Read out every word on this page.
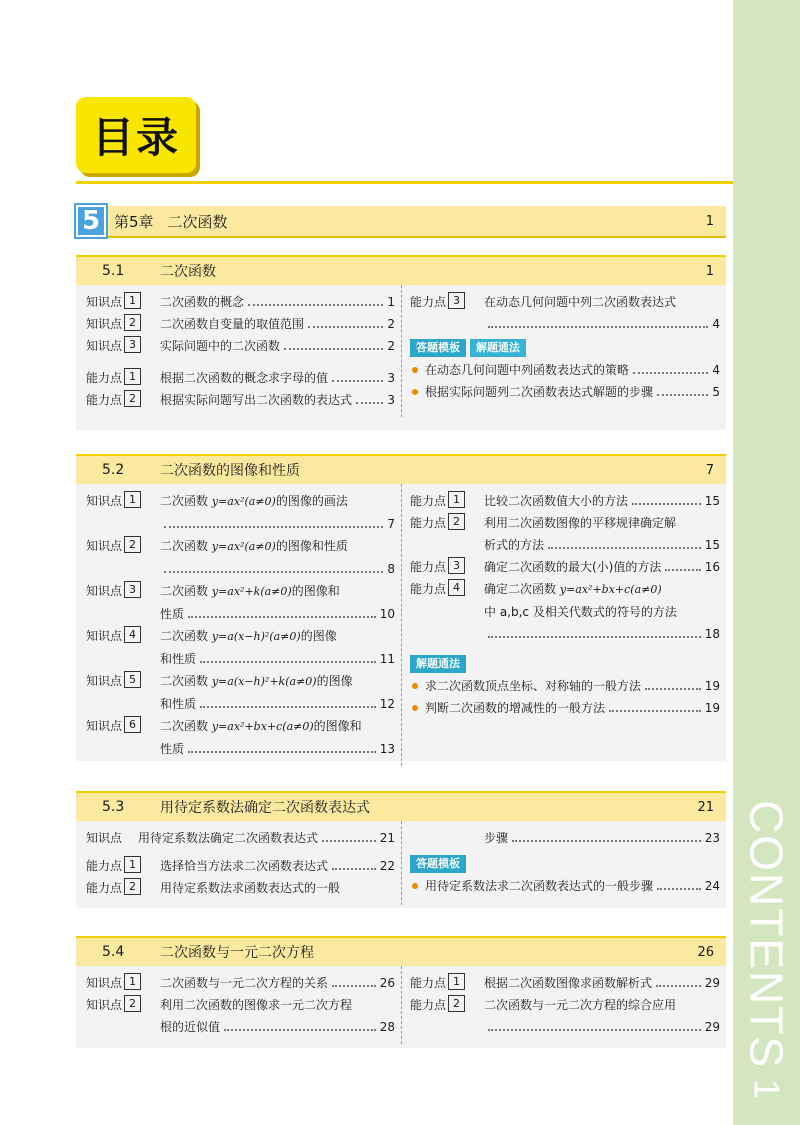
CONTENTS
1
目录
5 第5章 二次函数	1
5.1	二次函数	1
知识点 1	二次函数的概念	1
知识点 2	二次函数自变量的取值范围	2
知识点 3	实际问题中的二次函数	2
能力点 1	根据二次函数的概念求字母的值	3
能力点 2	根据实际问题写出二次函数的表达式	3
能力点 3	在动态几何问题中列二次函数表达式
4
答题模板	解题通法
在动态几何问题中列函数表达式的策略	4
根据实际问题列二次函数表达式解题的步骤	5
5.2	二次函数的图像和性质	7
知识点 1	二次函数 y=ax²(a≠0)的图像的画法
7
知识点 2	二次函数 y=ax²(a≠0)的图像和性质
8
知识点 3	二次函数 y=ax²+k(a≠0)的图像和
性质	10
知识点 4	二次函数 y=a(x−h)²(a≠0)的图像
和性质	11
知识点 5	二次函数 y=a(x−h)²+k(a≠0)的图像
和性质	12
知识点 6	二次函数 y=ax²+bx+c(a≠0)的图像和
性质	13
能力点 1	比较二次函数值大小的方法	15
能力点 2	利用二次函数图像的平移规律确定解
析式的方法	15
能力点 3	确定二次函数的最大(小)值的方法	16
能力点 4	确定二次函数 y=ax²+bx+c(a≠0)
中 a,b,c 及相关代数式的符号的方法
18
解题通法
求二次函数顶点坐标、对称轴的一般方法	19
判断二次函数的增减性的一般方法	19
5.3	用待定系数法确定二次函数表达式	21
知识点	用待定系数法确定二次函数表达式	21
能力点 1	选择恰当方法求二次函数表达式	22
能力点 2	用待定系数法求函数表达式的一般
步骤	23
答题模板
用待定系数法求二次函数表达式的一般步骤	24
5.4	二次函数与一元二次方程	26
知识点 1	二次函数与一元二次方程的关系	26
知识点 2	利用二次函数的图像求一元二次方程
根的近似值	28
能力点 1	根据二次函数图像求函数解析式	29
能力点 2	二次函数与一元二次方程的综合应用
29
